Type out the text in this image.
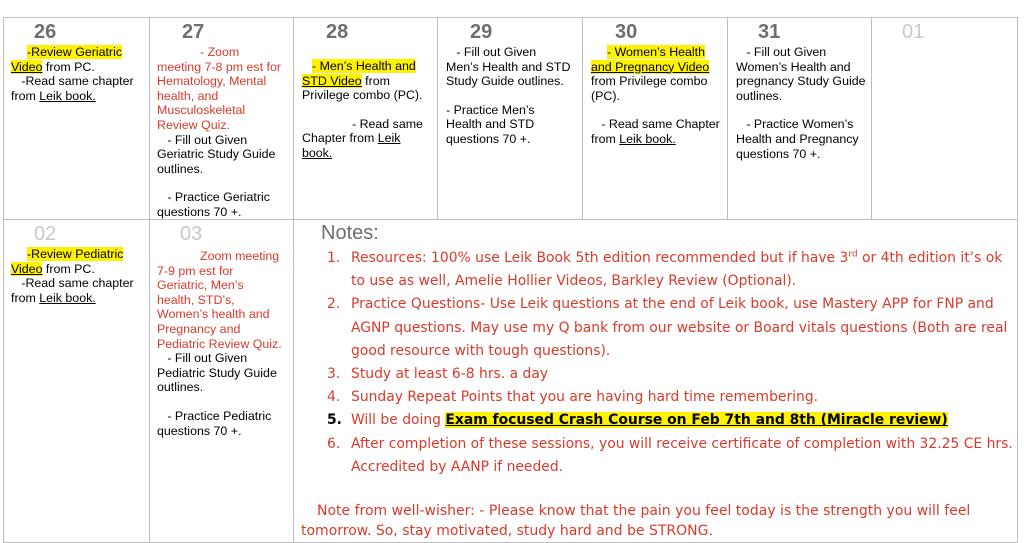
26

-Review Geriatric

Video from PC.

-Read same chapter

from Leik book.

27

- Zoom

meeting 7-8 pm est for

Hematology, Mental

health, and

Musculoskeletal

Review Quiz.

- Fill out Given

Geriatric Study Guide

outlines.

- Practice Geriatric

questions 70 +.

28

- Men’s Health and

STD Video from

Privilege combo (PC).

- Read same

Chapter from Leik

book.

29

- Fill out Given

Men’s Health and STD

Study Guide outlines.

- Practice Men’s

Health and STD

questions 70 +.

30

- Women’s Health

and Pregnancy Video

from Privilege combo

(PC).

- Read same Chapter

from Leik book.

31

- Fill out Given

Women’s Health and

pregnancy Study Guide

outlines.

- Practice Women’s

Health and Pregnancy

questions 70 +.

01
02

-Review Pediatric

Video from PC.

-Read same chapter

from Leik book.

03

Zoom meeting

7-9 pm est for

Geriatric, Men’s

health, STD’s,

Women’s health and

Pregnancy and

Pediatric Review Quiz.

- Fill out Given

Pediatric Study Guide

outlines.

- Practice Pediatric

questions 70 +.

Notes:
1. Resources: 100% use Leik Book 5th edition recommended but if have 3rd or 4th edition it’s ok to use as well, Amelie Hollier Videos, Barkley Review (Optional).
2. Practice Questions- Use Leik questions at the end of Leik book, use Mastery APP for FNP and AGNP questions. May use my Q bank from our website or Board vitals questions (Both are real good resource with tough questions).
3. Study at least 6-8 hrs. a day
4. Sunday Repeat Points that you are having hard time remembering.
5. Will be doing Exam focused Crash Course on Feb 7th and 8th (Miracle review)
6. After completion of these sessions, you will receive certificate of completion with 32.25 CE hrs. Accredited by AANP if needed.
Note from well-wisher: - Please know that the pain you feel today is the strength you will feel tomorrow. So, stay motivated, study hard and be STRONG.
